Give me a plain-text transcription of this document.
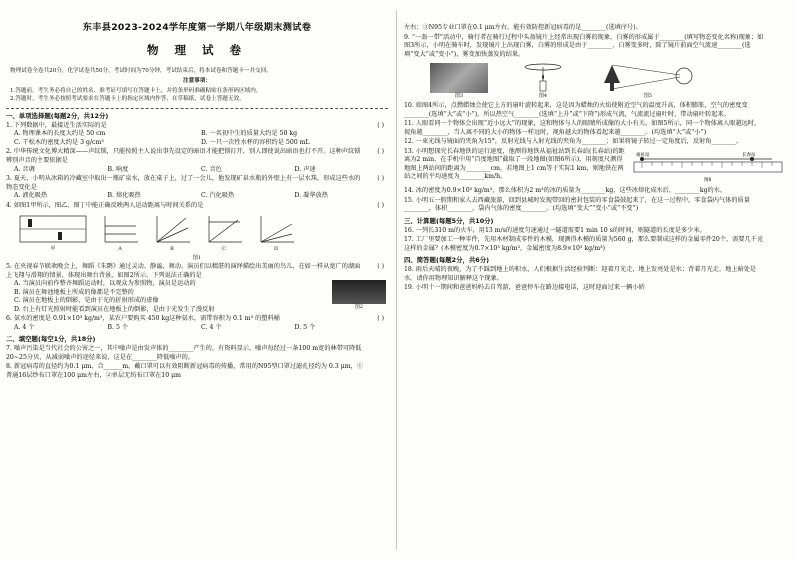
东丰县2023-2024学年度第一学期八年级期末测试卷
物 理 试 卷

物理试卷全卷共20分，化学试卷共50分，考试时间为70分钟，考试结束后，将本试卷和答题卡一并交回。

注意事项：

1.答题前，考生务必将自己的姓名、准考证号填写在答题卡上，并将条形码准确粘贴在条形码区域内。

2.答题时，考生务必按照考试要求在答题卡上的指定区域内作答，在草稿纸、试卷上答题无效。

一、单项选择题(每题2分，共12分)
1. 下列数据中，最接近生活实际的是	( )
A. 物理课本的长度大约是 50 cm	B. 一名初中生的质量大约是 50 kg
C. 干松木的密度大约是 3 g/cm³	D. 一只一次性水杯的容积约是 500 mL
2. 中华传统文化博大精深——声纹锁，只能按照主人说出事先设定的暗语才能把锁打开，别人即使说出暗语也打不开。这种声纹锁辨别声音的主要依据是
( )
A. 音调	B. 响度	C. 音色	D. 声速
3. 夏天，小明从冰箱的冷藏室中取出一瓶矿泉水，放在桌子上，过了一会儿，他发现矿泉水瓶的外壁上有一层水珠，形成这些水的物态变化是
( )
A. 液化吸热	B. 熔化吸热	C. 汽化吸热	D. 凝华放热
4. 如图1甲所示，图乙、图丁中能正确反映两人运动距离与时间关系的是	( )
甲	A	B	C	D
图1
5. 在央视春节联欢晚会上，舞蹈《朱鹮》通过灵动、静谧、舞动、演员们以精湛的演绎描绘出美丽的鸟儿，在如一样从宽广的湖面上飞翔与滑翔的情景，体现出舞台背景，如图2所示。下列说法正确的是
( )
图2
A. 当演员向前作整齐舞蹈运动时，以观众为参照物，演员是运动的
B. 演员在舞池地板上所成的像都是不完整的
C. 演员在地板上的倒影，是由于光的折射形成的虚像
D. 台上有灯光照射时能看到演员在地板上的倒影，是由于光发生了漫反射
6. 氨水的密度是 0.91×10³ kg/m³，某农户要购买 450 kg这种氨水，需带容积为 0.1 m³ 的塑料桶	( )
A. 4 个	B. 5 个	C. 4 个	D. 5 个
二、填空题(每空1分，共18分)
7. 噪声污染是当代社会的公害之一，其中噪声是由发声体的________产生的，有资料显示，噪声每经过一条100 m宽的林带可降低20~25分贝，从减弱噪声的途径来说，这是在________降低噪声的。
8. 新冠病毒的直径约为0.1 μm，合______m，戴口罩可以有效阻断新冠病毒的传播，常用的N95型口罩过滤孔径约为 0.3 μm，①普通16层纱布口罩在100 μm左右，②单层无纺布口罩在10 μm
左右；③N95专业口罩在0.1 μm左右，能有效防控新冠病毒的是________(选填序号)。
9. “一盔一带”活动中，骑行者在骑行过程中头盔镜片上经常出现白雾的现象，白雾的形成属于________(填写物态变化名称)现象；如图3所示，小明在骑车时，发现镜片上出现白雾，白雾的形成是由于________，白雾变多时，除了镜片前面空气流速________(选填“变大”或“变小”)，雾变加快蒸发的结果。
图3	图4	图5
10. 如图4所示，点燃蜡烛会使它上方的扇叶旋转起来，这是因为蜡烛的火焰使附近空气的温度升高，体积膨胀，空气的密度变________(选填“大”或“小”)，所以热空气________(选填“上升”或“下降”)形成气流，气流流过扇叶时，带动扇叶转起来。
11. 人眼看同一个物体会出现“近小远大”的现象，这和物体与人的眼睛所成像的大小有关。如图5所示，同一个物体离人眼越远时，视角越________，当人离不同的大小的物体一样远时，视角越大的物体看起来越________。(均选填“大”或“小”)
12. 一束光线与镜面的夹角为15°，反射光线与入射光线的夹角为________；如果将镜子转过一定角度后，反射角________。
福祉站	长春站
图6
13. 小明想探究长春地铁的运行速度，他测得地铁从福祉站到长春站(长春站)的距离为2 min，在手机中用“百度地图”截取了一段地图(如图6所示)，用刻度尺测得地图上两站间的距离为________cm，若地图上1 cm等于实际1 km，则地铁在两站之间的平均速度为________km/h。
14. 冰的密度为0.9×10³ kg/m³，那么体积为2 m³的冰的质量为________kg，这些冰熔化成水后，________kg的水。
15. 小明五一假期和家人去西藏旅游，回到县城时发现带回的密封包装的零食袋鼓起来了，在这一过程中，零食袋内气体的质量________，体积________，袋内气体的密度________。(均选填“变大”“变小”或“不变”)
三、计算题(每题5分，共10分)
16. 一列长310 m的火车，用13 m/s的速度匀速通过一隧道需要1 min 10 s的时间，则隧道的长度是多少米。
17. 工厂里要加工一种零件，先用木材制成零件的木模，现测得木模的质量为560 g，那么要制成这样的金属零件20个，需要几千克这样的金属？(木模密度为0.7×10³ kg/m³，金属密度为8.9×10³ kg/m³)
四、简答题(每题2分，共6分)
18. 雨后天晴的夜晚，为了不踩到地上的积水，人们根据生活经验判断：迎着月光走，地上发亮处是水；背着月光走，地上暗处是水。请你用物理知识解释这个现象。
19. 小明十一期间和爸爸妈妈去自驾游，爸爸停车在路边接电话，这时迎面过来一辆小轿
